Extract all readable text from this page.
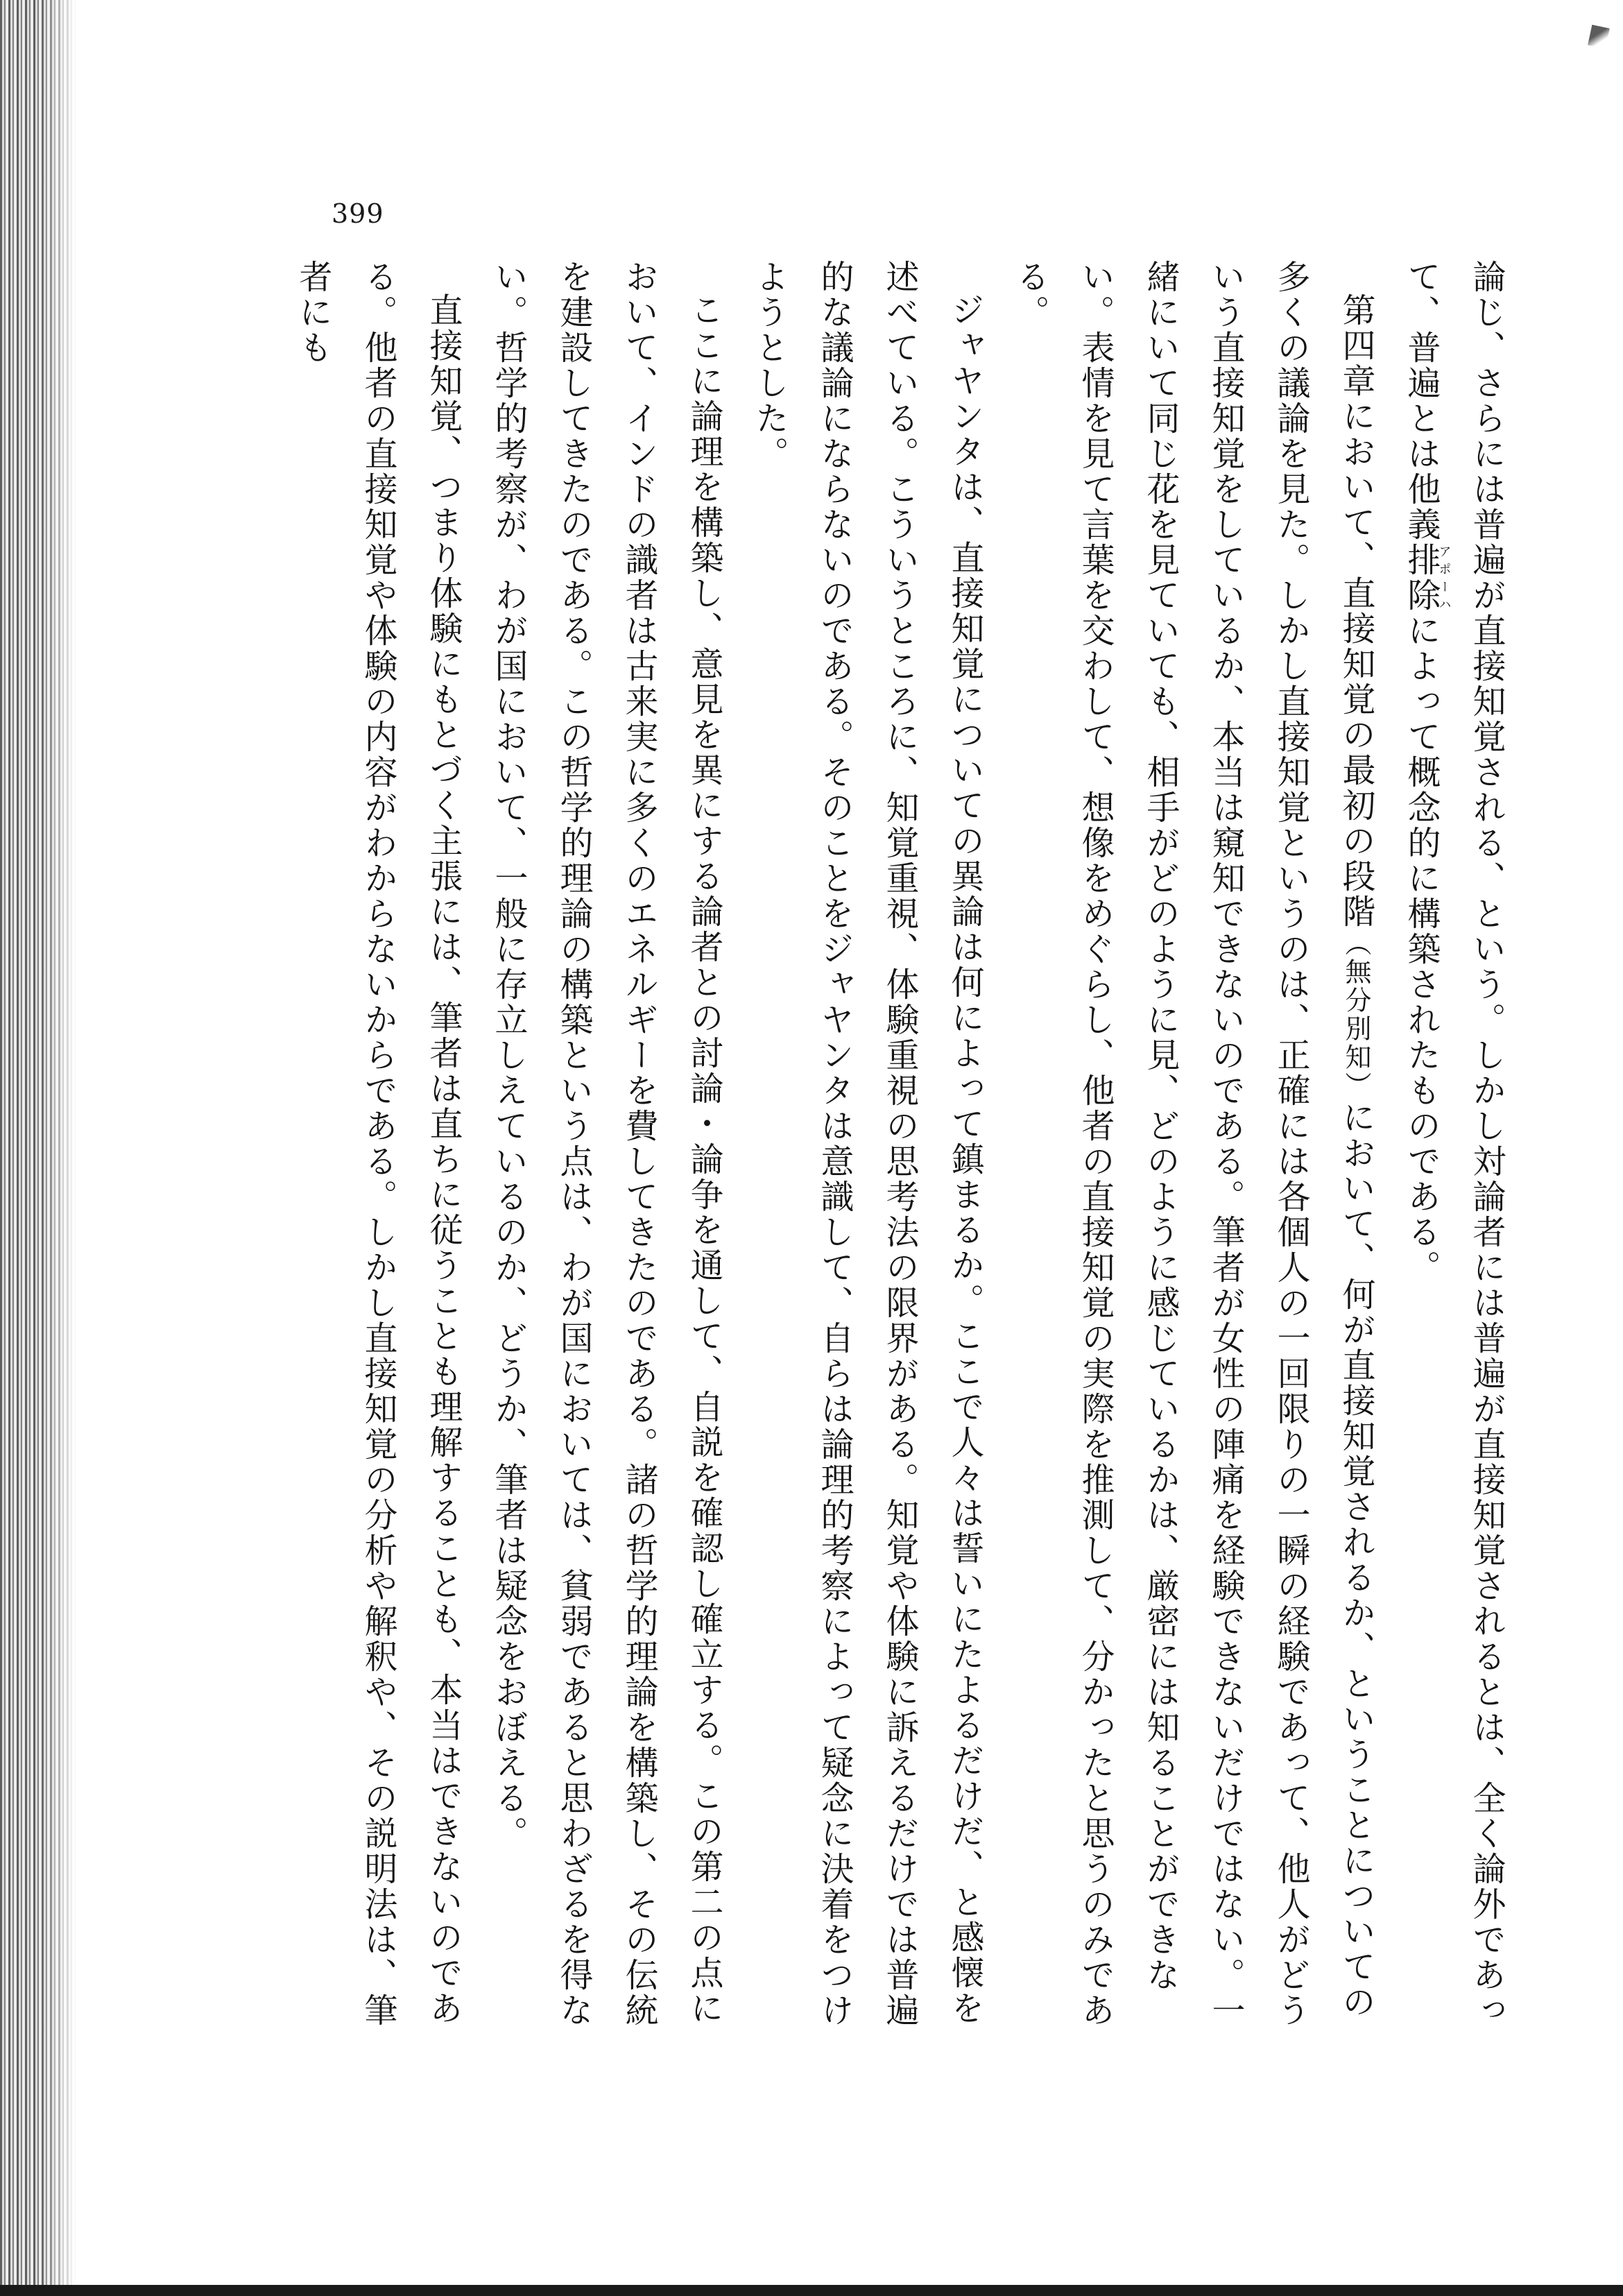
399

論じ、さらには普遍が直接知覚される、という。しかし対論者には普遍が直接知覚されるとは、全く論外であって、普遍とは他義排除アポーハによって概念的に構築されたものである。

第四章において、直接知覚の最初の段階（無分別知）において、何が直接知覚されるか、ということについての多くの議論を見た。しかし直接知覚というのは、正確には各個人の一回限りの一瞬の経験であって、他人がどういう直接知覚をしているか、本当は窺知できないのである。筆者が女性の陣痛を経験できないだけではない。一緒にいて同じ花を見ていても、相手がどのように見、どのように感じているかは、厳密には知ることができない。表情を見て言葉を交わして、想像をめぐらし、他者の直接知覚の実際を推測して、分かったと思うのみである。

ジャヤンタは、直接知覚についての異論は何によって鎮まるか。ここで人々は誓いにたよるだけだ、と感懐を述べている。こういうところに、知覚重視、体験重視の思考法の限界がある。知覚や体験に訴えるだけでは普遍的な議論にならないのである。そのことをジャヤンタは意識して、自らは論理的考察によって疑念に決着をつけようとした。

ここに論理を構築し、意見を異にする論者との討論・論争を通して、自説を確認し確立する。この第二の点において、インドの識者は古来実に多くのエネルギーを費してきたのである。諸の哲学的理論を構築し、その伝統を建設してきたのである。この哲学的理論の構築という点は、わが国においては、貧弱であると思わざるを得ない。哲学的考察が、わが国において、一般に存立しえているのか、どうか、筆者は疑念をおぼえる。

直接知覚、つまり体験にもとづく主張には、筆者は直ちに従うことも理解することも、本当はできないのである。他者の直接知覚や体験の内容がわからないからである。しかし直接知覚の分析や解釈や、その説明法は、筆者にも
